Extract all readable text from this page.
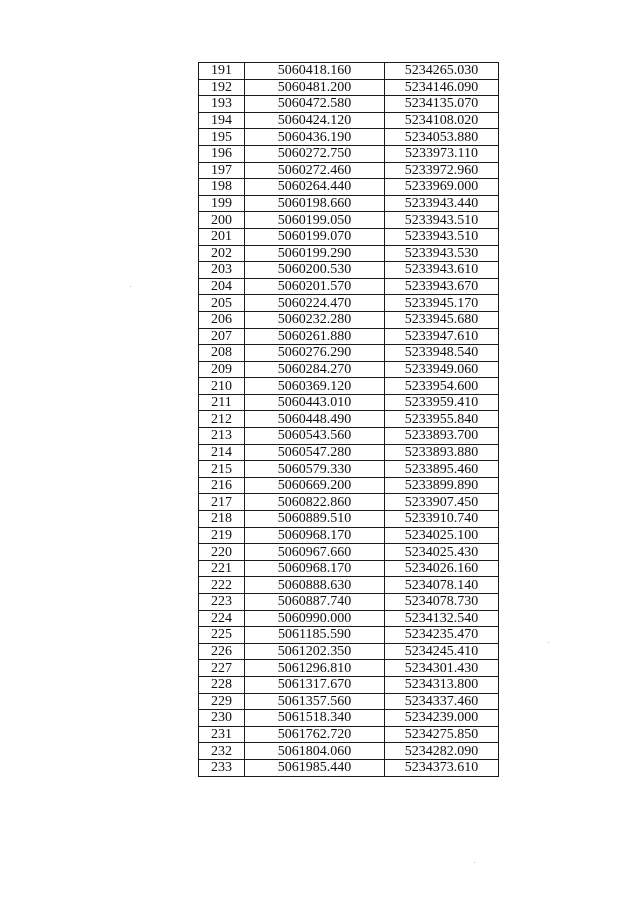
191	5060418.160	5234265.030
192	5060481.200	5234146.090
193	5060472.580	5234135.070
194	5060424.120	5234108.020
195	5060436.190	5234053.880
196	5060272.750	5233973.110
197	5060272.460	5233972.960
198	5060264.440	5233969.000
199	5060198.660	5233943.440
200	5060199.050	5233943.510
201	5060199.070	5233943.510
202	5060199.290	5233943.530
203	5060200.530	5233943.610
204	5060201.570	5233943.670
205	5060224.470	5233945.170
206	5060232.280	5233945.680
207	5060261.880	5233947.610
208	5060276.290	5233948.540
209	5060284.270	5233949.060
210	5060369.120	5233954.600
211	5060443.010	5233959.410
212	5060448.490	5233955.840
213	5060543.560	5233893.700
214	5060547.280	5233893.880
215	5060579.330	5233895.460
216	5060669.200	5233899.890
217	5060822.860	5233907.450
218	5060889.510	5233910.740
219	5060968.170	5234025.100
220	5060967.660	5234025.430
221	5060968.170	5234026.160
222	5060888.630	5234078.140
223	5060887.740	5234078.730
224	5060990.000	5234132.540
225	5061185.590	5234235.470
226	5061202.350	5234245.410
227	5061296.810	5234301.430
228	5061317.670	5234313.800
229	5061357.560	5234337.460
230	5061518.340	5234239.000
231	5061762.720	5234275.850
232	5061804.060	5234282.090
233	5061985.440	5234373.610
